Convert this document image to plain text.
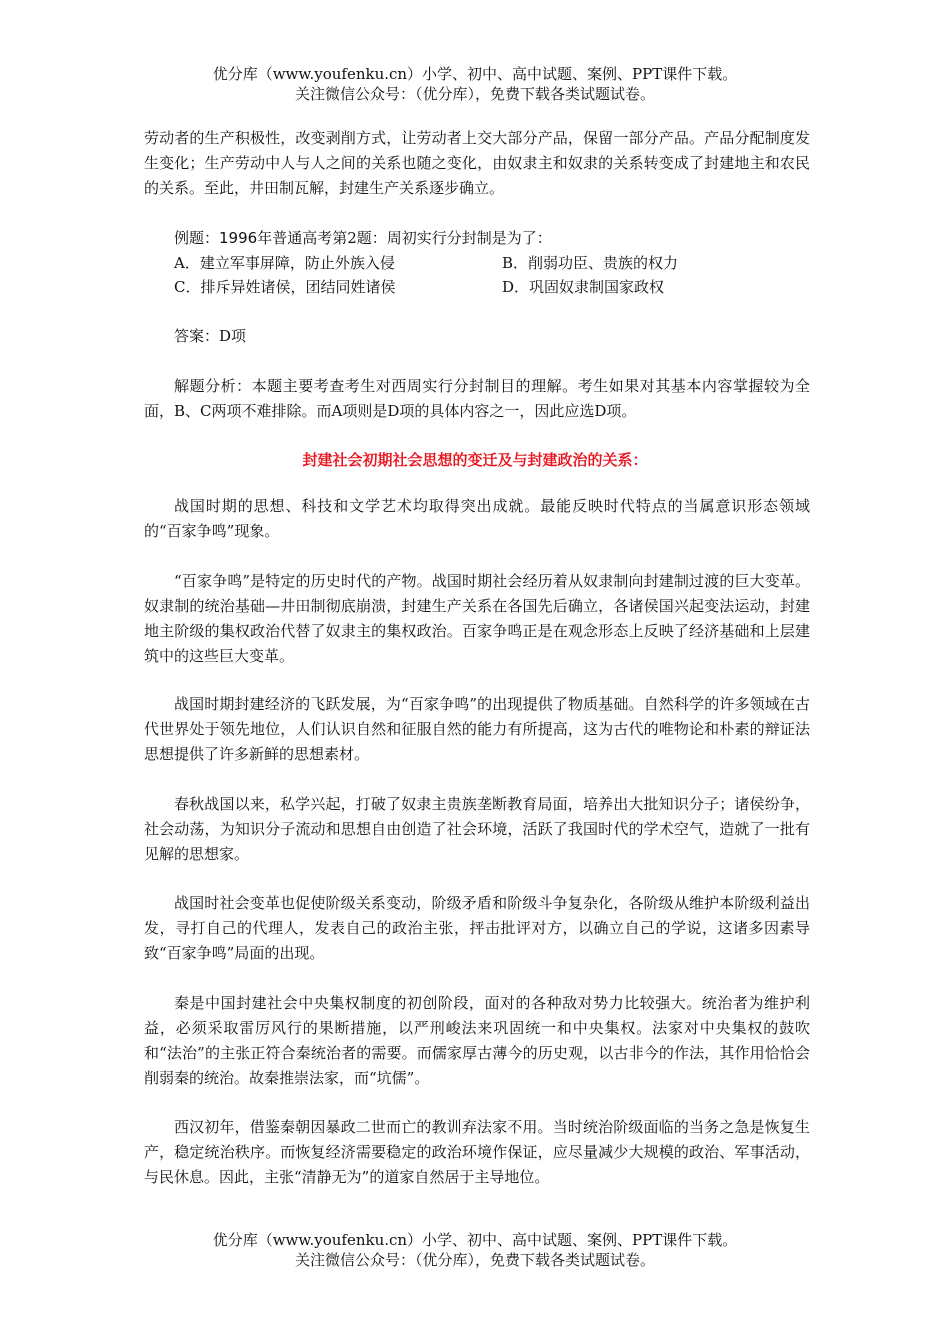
优分库（www.youfenku.cn）小学、初中、高中试题、案例、PPT课件下载。
关注微信公众号：（优分库），免费下载各类试题试卷。
劳动者的生产积极性，改变剥削方式，让劳动者上交大部分产品，保留一部分产品。产品分配制度发生变化；生产劳动中人与人之间的关系也随之变化，由奴隶主和奴隶的关系转变成了封建地主和农民的关系。至此，井田制瓦解，封建生产关系逐步确立。
例题：1996年普通高考第2题：周初实行分封制是为了：
A．建立军事屏障，防止外族入侵	B．削弱功臣、贵族的权力
C．排斥异姓诸侯，团结同姓诸侯	D．巩固奴隶制国家政权
答案：D项
解题分析：本题主要考查考生对西周实行分封制目的理解。考生如果对其基本内容掌握较为全面，B、C两项不难排除。而A项则是D项的具体内容之一，因此应选D项。
封建社会初期社会思想的变迁及与封建政治的关系：
战国时期的思想、科技和文学艺术均取得突出成就。最能反映时代特点的当属意识形态领域的“百家争鸣”现象。
“百家争鸣”是特定的历史时代的产物。战国时期社会经历着从奴隶制向封建制过渡的巨大变革。奴隶制的统治基础—井田制彻底崩溃，封建生产关系在各国先后确立，各诸侯国兴起变法运动，封建地主阶级的集权政治代替了奴隶主的集权政治。百家争鸣正是在观念形态上反映了经济基础和上层建筑中的这些巨大变革。
战国时期封建经济的飞跃发展，为“百家争鸣”的出现提供了物质基础。自然科学的许多领域在古代世界处于领先地位，人们认识自然和征服自然的能力有所提高，这为古代的唯物论和朴素的辩证法思想提供了许多新鲜的思想素材。
春秋战国以来，私学兴起，打破了奴隶主贵族垄断教育局面，培养出大批知识分子；诸侯纷争，社会动荡，为知识分子流动和思想自由创造了社会环境，活跃了我国时代的学术空气，造就了一批有见解的思想家。
战国时社会变革也促使阶级关系变动，阶级矛盾和阶级斗争复杂化，各阶级从维护本阶级利益出发，寻打自己的代理人，发表自己的政治主张，抨击批评对方，以确立自己的学说，这诸多因素导致“百家争鸣”局面的出现。
秦是中国封建社会中央集权制度的初创阶段，面对的各种敌对势力比较强大。统治者为维护利益，必须采取雷厉风行的果断措施，以严刑峻法来巩固统一和中央集权。法家对中央集权的鼓吹和“法治”的主张正符合秦统治者的需要。而儒家厚古薄今的历史观，以古非今的作法，其作用恰恰会削弱秦的统治。故秦推崇法家，而“坑儒”。
西汉初年，借鉴秦朝因暴政二世而亡的教训弃法家不用。当时统治阶级面临的当务之急是恢复生产，稳定统治秩序。而恢复经济需要稳定的政治环境作保证，应尽量减少大规模的政治、军事活动，与民休息。因此，主张“清静无为”的道家自然居于主导地位。
优分库（www.youfenku.cn）小学、初中、高中试题、案例、PPT课件下载。
关注微信公众号：（优分库），免费下载各类试题试卷。
